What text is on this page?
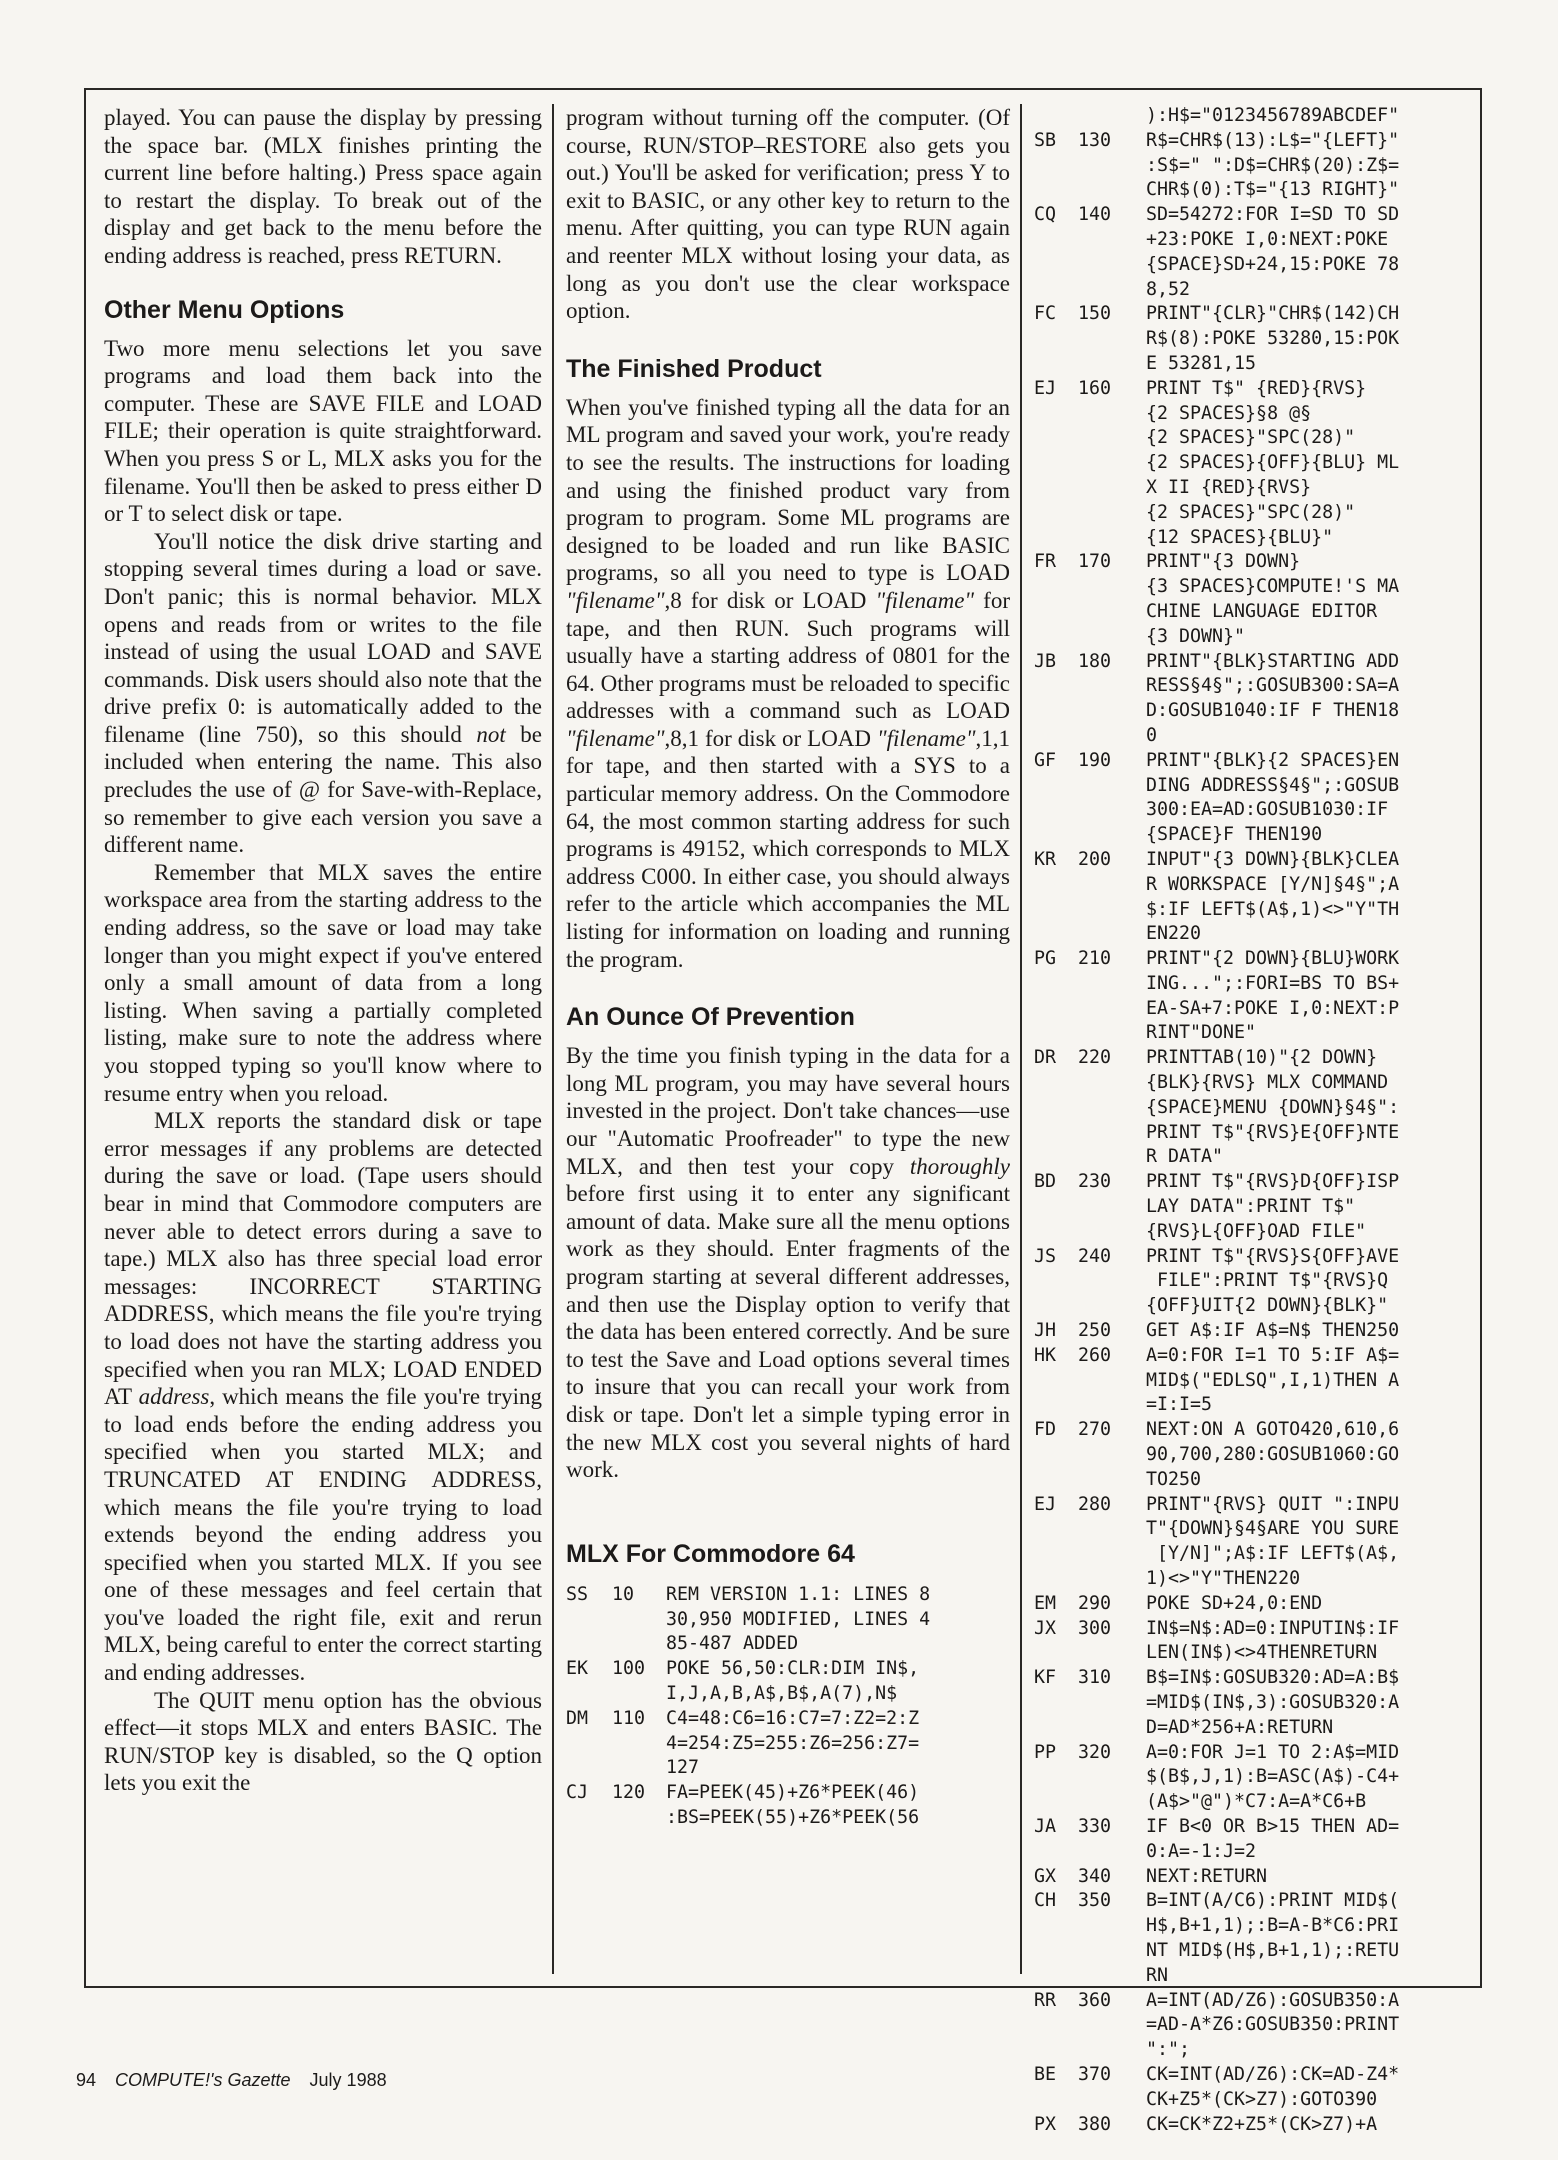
played. You can pause the display by pressing the space bar. (MLX finishes printing the current line before halting.) Press space again to restart the display. To break out of the display and get back to the menu before the ending address is reached, press RETURN.

Other Menu Options

Two more menu selections let you save programs and load them back into the computer. These are SAVE FILE and LOAD FILE; their operation is quite straightforward. When you press S or L, MLX asks you for the filename. You'll then be asked to press either D or T to select disk or tape.

You'll notice the disk drive starting and stopping several times during a load or save. Don't panic; this is normal behavior. MLX opens and reads from or writes to the file instead of using the usual LOAD and SAVE commands. Disk users should also note that the drive prefix 0: is automatically added to the filename (line 750), so this should not be included when entering the name. This also precludes the use of @ for Save-with-Replace, so remember to give each version you save a different name.

Remember that MLX saves the entire workspace area from the starting address to the ending address, so the save or load may take longer than you might expect if you've entered only a small amount of data from a long listing. When saving a partially completed listing, make sure to note the address where you stopped typing so you'll know where to resume entry when you reload.

MLX reports the standard disk or tape error messages if any problems are detected during the save or load. (Tape users should bear in mind that Commodore computers are never able to detect errors during a save to tape.) MLX also has three special load error messages: INCORRECT STARTING ADDRESS, which means the file you're trying to load does not have the starting address you specified when you ran MLX; LOAD ENDED AT address, which means the file you're trying to load ends before the ending address you specified when you started MLX; and TRUNCATED AT ENDING ADDRESS, which means the file you're trying to load extends beyond the ending address you specified when you started MLX. If you see one of these messages and feel certain that you've loaded the right file, exit and rerun MLX, being careful to enter the correct starting and ending addresses.

The QUIT menu option has the obvious effect—it stops MLX and enters BASIC. The RUN/STOP key is disabled, so the Q option lets you exit the

program without turning off the computer. (Of course, RUN/STOP–RESTORE also gets you out.) You'll be asked for verification; press Y to exit to BASIC, or any other key to return to the menu. After quitting, you can type RUN again and reenter MLX without losing your data, as long as you don't use the clear workspace option.

The Finished Product

When you've finished typing all the data for an ML program and saved your work, you're ready to see the results. The instructions for loading and using the finished product vary from program to program. Some ML programs are designed to be loaded and run like BASIC programs, so all you need to type is LOAD "filename",8 for disk or LOAD "filename" for tape, and then RUN. Such programs will usually have a starting address of 0801 for the 64. Other programs must be reloaded to specific addresses with a command such as LOAD "filename",8,1 for disk or LOAD "filename",1,1 for tape, and then started with a SYS to a particular memory address. On the Commodore 64, the most common starting address for such programs is 49152, which corresponds to MLX address C000. In either case, you should always refer to the article which accompanies the ML listing for information on loading and running the program.

An Ounce Of Prevention

By the time you finish typing in the data for a long ML program, you may have several hours invested in the project. Don't take chances—use our "Automatic Proofreader" to type the new MLX, and then test your copy thoroughly before first using it to enter any significant amount of data. Make sure all the menu options work as they should. Enter fragments of the program starting at several different addresses, and then use the Display option to verify that the data has been entered correctly. And be sure to test the Save and Load options several times to insure that you can recall your work from disk or tape. Don't let a simple typing error in the new MLX cost you several nights of hard work.

MLX For Commodore 64
SS	10	REM VERSION 1.1: LINES 8
30,950 MODIFIED, LINES 4
85-487 ADDED
EK	100	POKE 56,50:CLR:DIM IN$,
I,J,A,B,A$,B$,A(7),N$
DM	110	C4=48:C6=16:C7=7:Z2=2:Z
4=254:Z5=255:Z6=256:Z7=
127
CJ	120	FA=PEEK(45)+Z6*PEEK(46)
:BS=PEEK(55)+Z6*PEEK(56
):H$="0123456789ABCDEF"
SB	130	R$=CHR$(13):L$="{LEFT}"
:S$=" ":D$=CHR$(20):Z$=
CHR$(0):T$="{13 RIGHT}"
CQ	140	SD=54272:FOR I=SD TO SD
+23:POKE I,0:NEXT:POKE
{SPACE}SD+24,15:POKE 78
8,52
FC	150	PRINT"{CLR}"CHR$(142)CH
R$(8):POKE 53280,15:POK
E 53281,15
EJ	160	PRINT T$" {RED}{RVS}
{2 SPACES}§8 @§
{2 SPACES}"SPC(28)"
{2 SPACES}{OFF}{BLU} ML
X II {RED}{RVS}
{2 SPACES}"SPC(28)"
{12 SPACES}{BLU}"
FR	170	PRINT"{3 DOWN}
{3 SPACES}COMPUTE!'S MA
CHINE LANGUAGE EDITOR
{3 DOWN}"
JB	180	PRINT"{BLK}STARTING ADD
RESS§4§";:GOSUB300:SA=A
D:GOSUB1040:IF F THEN18
0
GF	190	PRINT"{BLK}{2 SPACES}EN
DING ADDRESS§4§";:GOSUB
300:EA=AD:GOSUB1030:IF
{SPACE}F THEN190
KR	200	INPUT"{3 DOWN}{BLK}CLEA
R WORKSPACE [Y/N]§4§";A
$:IF LEFT$(A$,1)<>"Y"TH
EN220
PG	210	PRINT"{2 DOWN}{BLU}WORK
ING...";:FORI=BS TO BS+
EA-SA+7:POKE I,0:NEXT:P
RINT"DONE"
DR	220	PRINTTAB(10)"{2 DOWN}
{BLK}{RVS} MLX COMMAND
{SPACE}MENU {DOWN}§4§":
PRINT T$"{RVS}E{OFF}NTE
R DATA"
BD	230	PRINT T$"{RVS}D{OFF}ISP
LAY DATA":PRINT T$"
{RVS}L{OFF}OAD FILE"
JS	240	PRINT T$"{RVS}S{OFF}AVE
FILE":PRINT T$"{RVS}Q
{OFF}UIT{2 DOWN}{BLK}"
JH	250	GET A$:IF A$=N$ THEN250
HK	260	A=0:FOR I=1 TO 5:IF A$=
MID$("EDLSQ",I,1)THEN A
=I:I=5
FD	270	NEXT:ON A GOTO420,610,6
90,700,280:GOSUB1060:GO
TO250
EJ	280	PRINT"{RVS} QUIT ":INPU
T"{DOWN}§4§ARE YOU SURE
[Y/N]";A$:IF LEFT$(A$,
1)<>"Y"THEN220
EM	290	POKE SD+24,0:END
JX	300	IN$=N$:AD=0:INPUTIN$:IF
LEN(IN$)<>4THENRETURN
KF	310	B$=IN$:GOSUB320:AD=A:B$
=MID$(IN$,3):GOSUB320:A
D=AD*256+A:RETURN
PP	320	A=0:FOR J=1 TO 2:A$=MID
$(B$,J,1):B=ASC(A$)-C4+
(A$>"@")*C7:A=A*C6+B
JA	330	IF B<0 OR B>15 THEN AD=
0:A=-1:J=2
GX	340	NEXT:RETURN
CH	350	B=INT(A/C6):PRINT MID$(
H$,B+1,1);:B=A-B*C6:PRI
NT MID$(H$,B+1,1);:RETU
RN
RR	360	A=INT(AD/Z6):GOSUB350:A
=AD-A*Z6:GOSUB350:PRINT
":";
BE	370	CK=INT(AD/Z6):CK=AD-Z4*
CK+Z5*(CK>Z7):GOTO390
PX	380	CK=CK*Z2+Z5*(CK>Z7)+A
94 COMPUTE!'s Gazette July 1988
